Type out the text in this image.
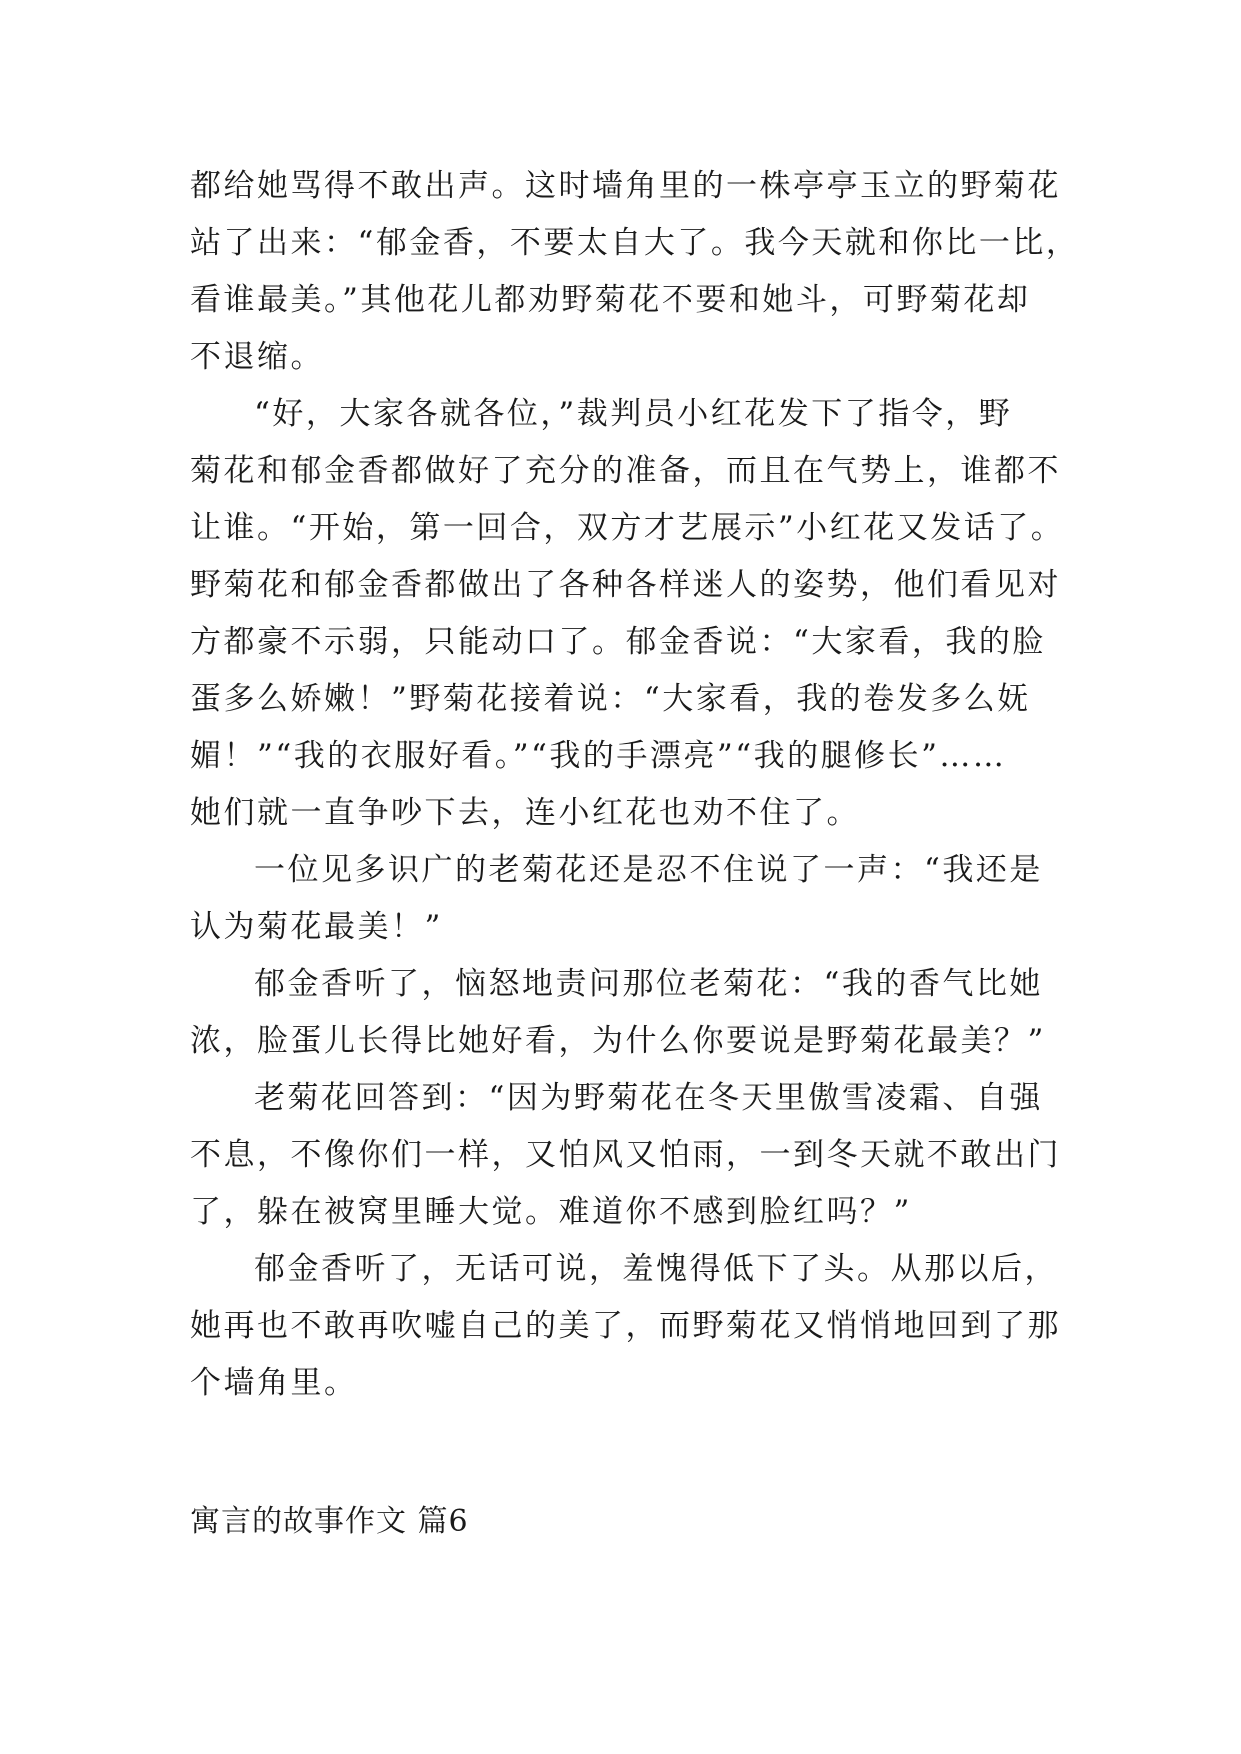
都给她骂得不敢出声。这时墙角里的一株亭亭玉立的野菊花
站了出来：“郁金香，不要太自大了。我今天就和你比一比，
看谁最美。”其他花儿都劝野菊花不要和她斗，可野菊花却
不退缩。
“好，大家各就各位，”裁判员小红花发下了指令，野
菊花和郁金香都做好了充分的准备，而且在气势上，谁都不
让谁。“开始，第一回合，双方才艺展示”小红花又发话了。
野菊花和郁金香都做出了各种各样迷人的姿势，他们看见对
方都豪不示弱，只能动口了。郁金香说：“大家看，我的脸
蛋多么娇嫩！”野菊花接着说：“大家看，我的卷发多么妩
媚！”“我的衣服好看。”“我的手漂亮”“我的腿修长”……
她们就一直争吵下去，连小红花也劝不住了。
一位见多识广的老菊花还是忍不住说了一声：“我还是
认为菊花最美！”
郁金香听了，恼怒地责问那位老菊花：“我的香气比她
浓，脸蛋儿长得比她好看，为什么你要说是野菊花最美？”
老菊花回答到：“因为野菊花在冬天里傲雪凌霜、自强
不息，不像你们一样，又怕风又怕雨，一到冬天就不敢出门
了，躲在被窝里睡大觉。难道你不感到脸红吗？”
郁金香听了，无话可说，羞愧得低下了头。从那以后，
她再也不敢再吹嘘自己的美了，而野菊花又悄悄地回到了那
个墙角里。
寓言的故事作文 篇6
